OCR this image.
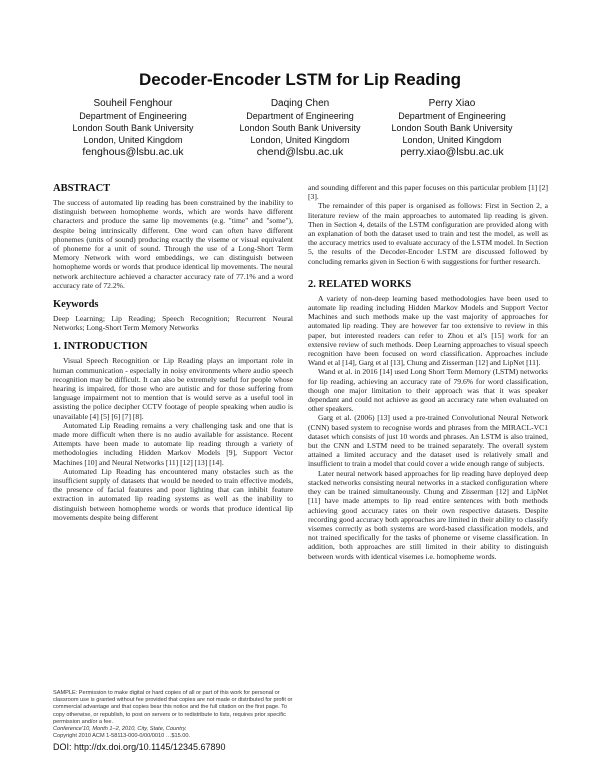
Decoder-Encoder LSTM for Lip Reading
Souheil Fenghour
Department of Engineering
London South Bank University
London, United Kingdom
fenghous@lsbu.ac.uk
Daqing Chen
Department of Engineering
London South Bank University
London, United Kingdom
chend@lsbu.ac.uk
Perry Xiao
Department of Engineering
London South Bank University
London, United Kingdom
perry.xiao@lsbu.ac.uk
ABSTRACT

The success of automated lip reading has been constrained by the inability to distinguish between homopheme words, which are words have different characters and produce the same lip movements (e.g. "time" and "some"), despite being intrinsically different. One word can often have different phonemes (units of sound) producing exactly the viseme or visual equivalent of phoneme for a unit of sound. Through the use of a Long-Short Term Memory Network with word embeddings, we can distinguish between homopheme words or words that produce identical lip movements. The neural network architecture achieved a character accuracy rate of 77.1% and a word accuracy rate of 72.2%.

Keywords

Deep Learning; Lip Reading; Speech Recognition; Recurrent Neural Networks; Long-Short Term Memory Networks

1. INTRODUCTION

Visual Speech Recognition or Lip Reading plays an important role in human communication - especially in noisy environments where audio speech recognition may be difficult. It can also be extremely useful for people whose hearing is impaired, for those who are autistic and for those suffering from language impairment not to mention that is would serve as a useful tool in assisting the police decipher CCTV footage of people speaking when audio is unavailable [4] [5] [6] [7] [8].

Automated Lip Reading remains a very challenging task and one that is made more difficult when there is no audio available for assistance. Recent Attempts have been made to automate lip reading through a variety of methodologies including Hidden Markov Models [9], Support Vector Machines [10] and Neural Networks [11] [12] [13] [14].

Automated Lip Reading has encountered many obstacles such as the insufficient supply of datasets that would be needed to train effective models, the presence of facial features and poor lighting that can inhibit feature extraction in automated lip reading systems as well as the inability to distinguish between homopheme words or words that produce identical lip movements despite being different

SAMPLE: Permission to make digital or hard copies of all or part of this work for personal or classroom use is granted without fee provided that copies are not made or distributed for profit or commercial advantage and that copies bear this notice and the full citation on the first page. To copy otherwise, or republish, to post on servers or to redistribute to lists, requires prior specific permission and/or a fee.
Conference'10, Month 1–2, 2010, City, State, Country.
Copyright 2010 ACM 1-58113-000-0/00/0010 …$15.00.
DOI: http://dx.doi.org/10.1145/12345.67890

and sounding different and this paper focuses on this particular problem [1] [2] [3].

The remainder of this paper is organised as follows: First in Section 2, a literature review of the main approaches to automated lip reading is given. Then in Section 4, details of the LSTM configuration are provided along with an explanation of both the dataset used to train and test the model, as well as the accuracy metrics used to evaluate accuracy of the LSTM model. In Section 5, the results of the Decoder-Encoder LSTM are discussed followed by concluding remarks given in Section 6 with suggestions for further research.

2. RELATED WORKS

A variety of non-deep learning based methodologies have been used to automate lip reading including Hidden Markov Models and Support Vector Machines and such methods make up the vast majority of approaches for automated lip reading. They are however far too extensive to review in this paper, but interested readers can refer to Zhou et al's [15] work for an extensive review of such methods. Deep Learning approaches to visual speech recognition have been focused on word classification. Approaches include Wand et al [14], Garg et al [13], Chung and Zisserman [12] and LipNet [11].

Wand et al. in 2016 [14] used Long Short Term Memory (LSTM) networks for lip reading, achieving an accuracy rate of 79.6% for word classification, though one major limitation to their approach was that it was speaker dependant and could not achieve as good an accuracy rate when evaluated on other speakers.

Garg et al. (2006) [13] used a pre-trained Convolutional Neural Network (CNN) based system to recognise words and phrases from the MIRACL-VC1 dataset which consists of just 10 words and phrases. An LSTM is also trained, but the CNN and LSTM need to be trained separately. The overall system attained a limited accuracy and the dataset used is relatively small and insufficient to train a model that could cover a wide enough range of subjects.

Later neural network based approaches for lip reading have deployed deep stacked networks consisting neural networks in a stacked configuration where they can be trained simultaneously. Chung and Zisserman [12] and LipNet [11] have made attempts to lip read entire sentences with both methods achieving good accuracy rates on their own respective datasets. Despite recording good accuracy both approaches are limited in their ability to classify visemes correctly as both systems are word-based classification models, and not trained specifically for the tasks of phoneme or viseme classification. In addition, both approaches are still limited in their ability to distinguish between words with identical visemes i.e. homopheme words.
